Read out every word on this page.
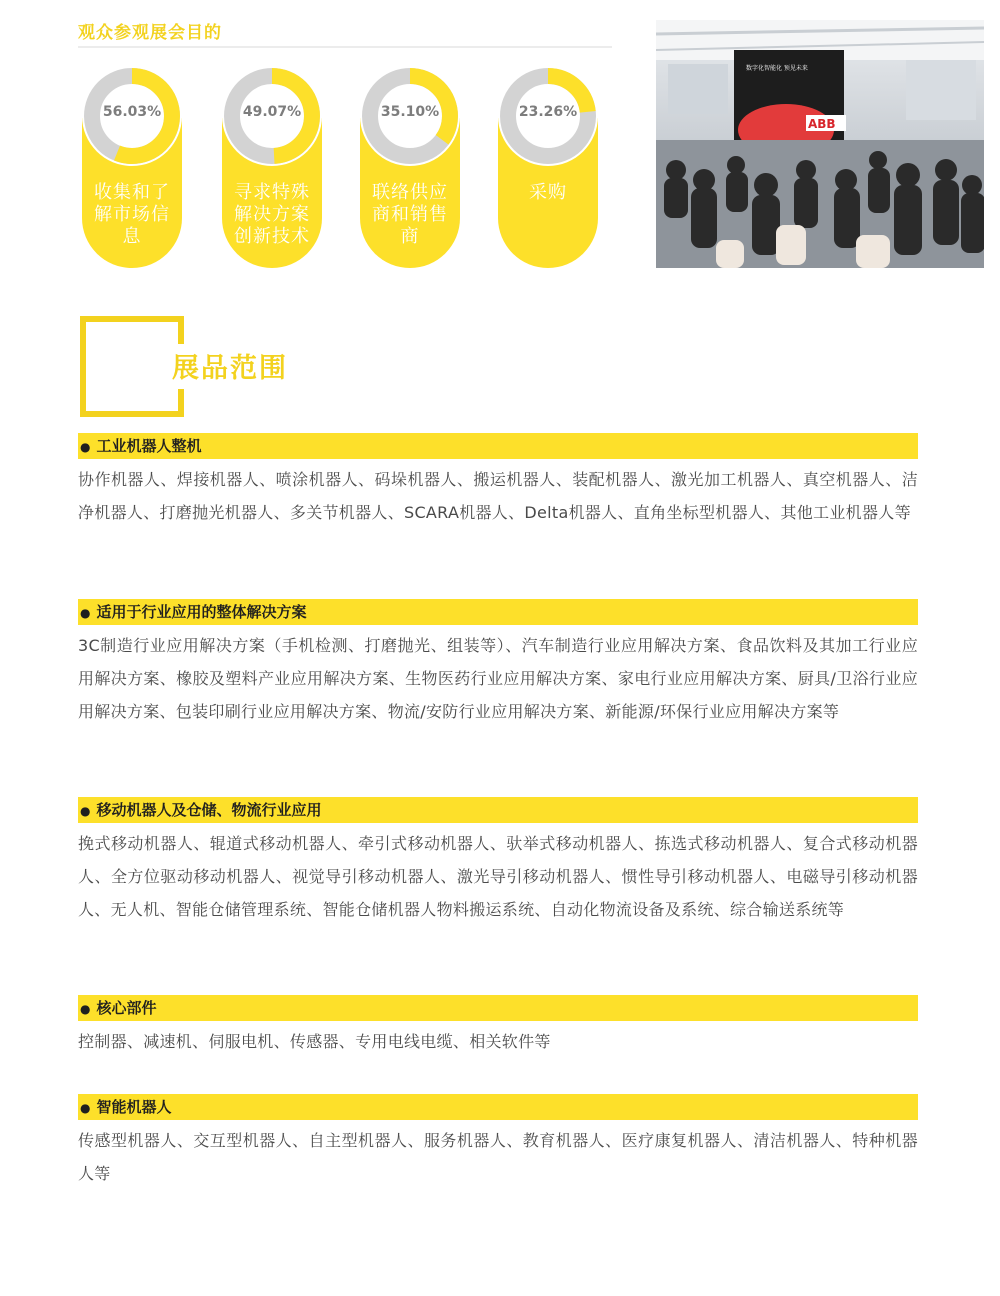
观众参观展会目的
56.03%
收集和了解市场信息
49.07%
寻求特殊解决方案创新技术
35.10%
联络供应商和销售商
23.26%
采购
数字化智能化 预见未来
ABB
展品范围
● 工业机器人整机
协作机器人、焊接机器人、喷涂机器人、码垛机器人、搬运机器人、装配机器人、激光加工机器人、真空机器人、洁净机器人、打磨抛光机器人、多关节机器人、SCARA机器人、Delta机器人、直角坐标型机器人、其他工业机器人等
● 适用于行业应用的整体解决方案
3C制造行业应用解决方案（手机检测、打磨抛光、组装等）、汽车制造行业应用解决方案、食品饮料及其加工行业应用解决方案、橡胶及塑料产业应用解决方案、生物医药行业应用解决方案、家电行业应用解决方案、厨具/卫浴行业应用解决方案、包装印刷行业应用解决方案、物流/安防行业应用解决方案、新能源/环保行业应用解决方案等
● 移动机器人及仓储、物流行业应用
挽式移动机器人、辊道式移动机器人、牵引式移动机器人、驮举式移动机器人、拣选式移动机器人、复合式移动机器人、全方位驱动移动机器人、视觉导引移动机器人、激光导引移动机器人、惯性导引移动机器人、电磁导引移动机器人、无人机、智能仓储管理系统、智能仓储机器人物料搬运系统、自动化物流设备及系统、综合输送系统等
● 核心部件
控制器、减速机、伺服电机、传感器、专用电线电缆、相关软件等
● 智能机器人
传感型机器人、交互型机器人、自主型机器人、服务机器人、教育机器人、医疗康复机器人、清洁机器人、特种机器人等
